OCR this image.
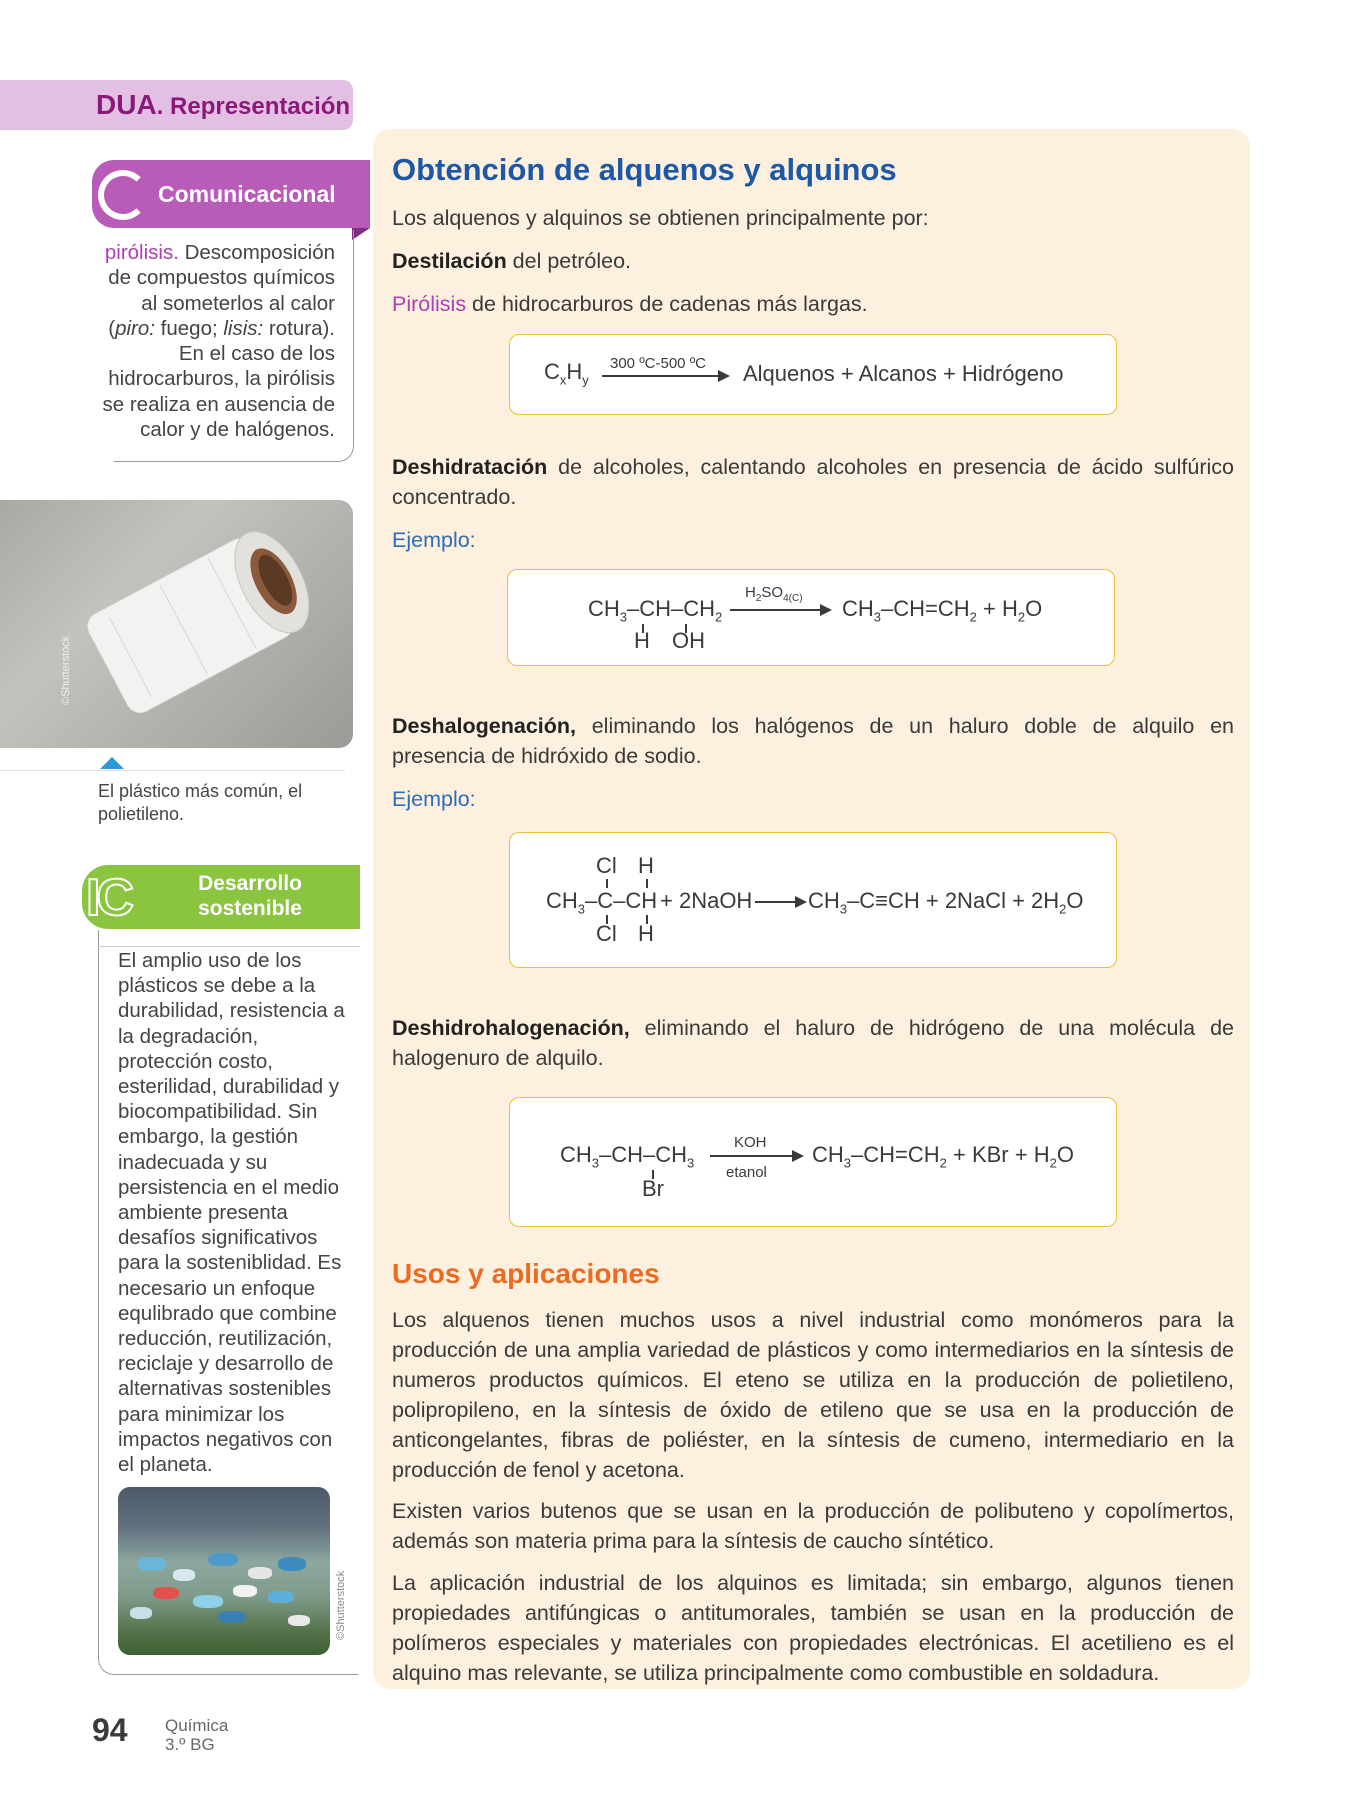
DUA. Representación
Comunicacional
pirólisis. Descomposición de compuestos químicos al someterlos al calor (piro: fuego; lisis: rotura). En el caso de los hidrocarburos, la pirólisis se realiza en ausencia de calor y de halógenos.
©Shutterstock
El plástico más común, el polietileno.
IC	Desarrollo sostenible
El amplio uso de los plásticos se debe a la durabilidad, resistencia a la degradación, protección costo, esterilidad, durabilidad y biocompatibilidad. Sin embargo, la gestión inadecuada y su persistencia en el medio ambiente presenta desafíos significativos para la sosteniblidad. Es necesario un enfoque equlibrado que combine reducción, reutilización, reciclaje y desarrollo de alternativas sostenibles para minimizar los impactos negativos con el planeta.
©Shutterstock
94 Química
3.º BG
Obtención de alquenos y alquinos
Los alquenos y alquinos se obtienen principalmente por:
Destilación del petróleo.
Pirólisis de hidrocarburos de cadenas más largas.
$C_xH_y$
300 ºC-500 ºC Alquenos + Alcanos + Hidrógeno
Deshidratación de alcoholes, calentando alcoholes en presencia de ácido sulfúrico concentrado.
Ejemplo:
$CH_3-CH-CH_2$
H OH
$H_2SO_{4(C)}$ $CH_3-CH=CH_2 + H_2O$
Deshalogenación, eliminando los halógenos de un haluro doble de alquilo en presencia de hidróxido de sodio.
Ejemplo:
Cl H
$CH_3-C-CH$ + 2NaOH
Cl H
→ $CH_3-C\equiv CH$ + 2NaCl + $2H_2O$
Deshidrohalogenación, eliminando el haluro de hidrógeno de una molécula de halogenuro de alquilo.
$CH_3-CH-CH_3$
Br
KOH
etanol
$CH_3-CH=CH_2$ + KBr + $H_2O$
Usos y aplicaciones
Los alquenos tienen muchos usos a nivel industrial como monómeros para la producción de una amplia variedad de plásticos y como intermediarios en la síntesis de numeros productos químicos. El eteno se utiliza en la producción de polietileno, polipropileno, en la síntesis de óxido de etileno que se usa en la producción de anticongelantes, fibras de poliéster, en la síntesis de cumeno, intermediario en la producción de fenol y acetona.
Existen varios butenos que se usan en la producción de polibuteno y copolímertos, además son materia prima para la síntesis de caucho síntético.
La aplicación industrial de los alquinos es limitada; sin embargo, algunos tienen propiedades antifúngicas o antitumorales, también se usan en la producción de polímeros especiales y materiales con propiedades electrónicas. El acetilieno es el alquino mas relevante, se utiliza principalmente como combustible en soldadura.
